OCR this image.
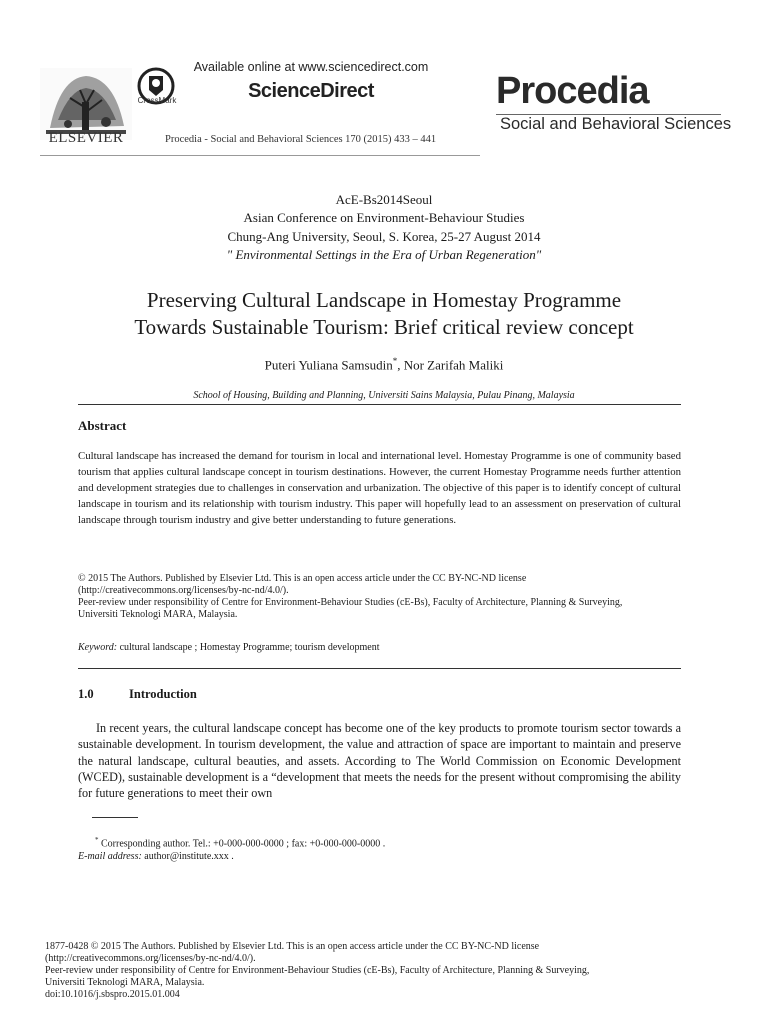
ELSEVIER
CrossMark
Available online at www.sciencedirect.com
ScienceDirect
Procedia - Social and Behavioral Sciences 170 (2015) 433 – 441
Procedia
Social and Behavioral Sciences
AcE-Bs2014Seoul
Asian Conference on Environment-Behaviour Studies
Chung-Ang University, Seoul, S. Korea, 25-27 August 2014
" Environmental Settings in the Era of Urban Regeneration"
Preserving Cultural Landscape in Homestay Programme
Towards Sustainable Tourism: Brief critical review concept
Puteri Yuliana Samsudin*, Nor Zarifah Maliki
School of Housing, Building and Planning, Universiti Sains Malaysia, Pulau Pinang, Malaysia
Abstract
Cultural landscape has increased the demand for tourism in local and international level. Homestay Programme is one of community based tourism that applies cultural landscape concept in tourism destinations. However, the current Homestay Programme needs further attention and development strategies due to challenges in conservation and urbanization. The objective of this paper is to identify concept of cultural landscape in tourism and its relationship with tourism industry. This paper will hopefully lead to an assessment on preservation of cultural landscape through tourism industry and give better understanding to future generations.
© 2015 The Authors. Published by Elsevier Ltd. This is an open access article under the CC BY-NC-ND license
(http://creativecommons.org/licenses/by-nc-nd/4.0/).
Peer-review under responsibility of Centre for Environment-Behaviour Studies (cE-Bs), Faculty of Architecture, Planning & Surveying,
Universiti Teknologi MARA, Malaysia.
Keyword: cultural landscape ; Homestay Programme; tourism development
1.0	Introduction
In recent years, the cultural landscape concept has become one of the key products to promote tourism sector towards a sustainable development. In tourism development, the value and attraction of space are important to maintain and preserve the natural landscape, cultural beauties, and assets. According to The World Commission on Economic Development (WCED), sustainable development is a “development that meets the needs for the present without compromising the ability for future generations to meet their own
* Corresponding author. Tel.: +0-000-000-0000 ; fax: +0-000-000-0000 .
E-mail address: author@institute.xxx .
1877-0428 © 2015 The Authors. Published by Elsevier Ltd. This is an open access article under the CC BY-NC-ND license
(http://creativecommons.org/licenses/by-nc-nd/4.0/).
Peer-review under responsibility of Centre for Environment-Behaviour Studies (cE-Bs), Faculty of Architecture, Planning & Surveying,
Universiti Teknologi MARA, Malaysia.
doi:10.1016/j.sbspro.2015.01.004
